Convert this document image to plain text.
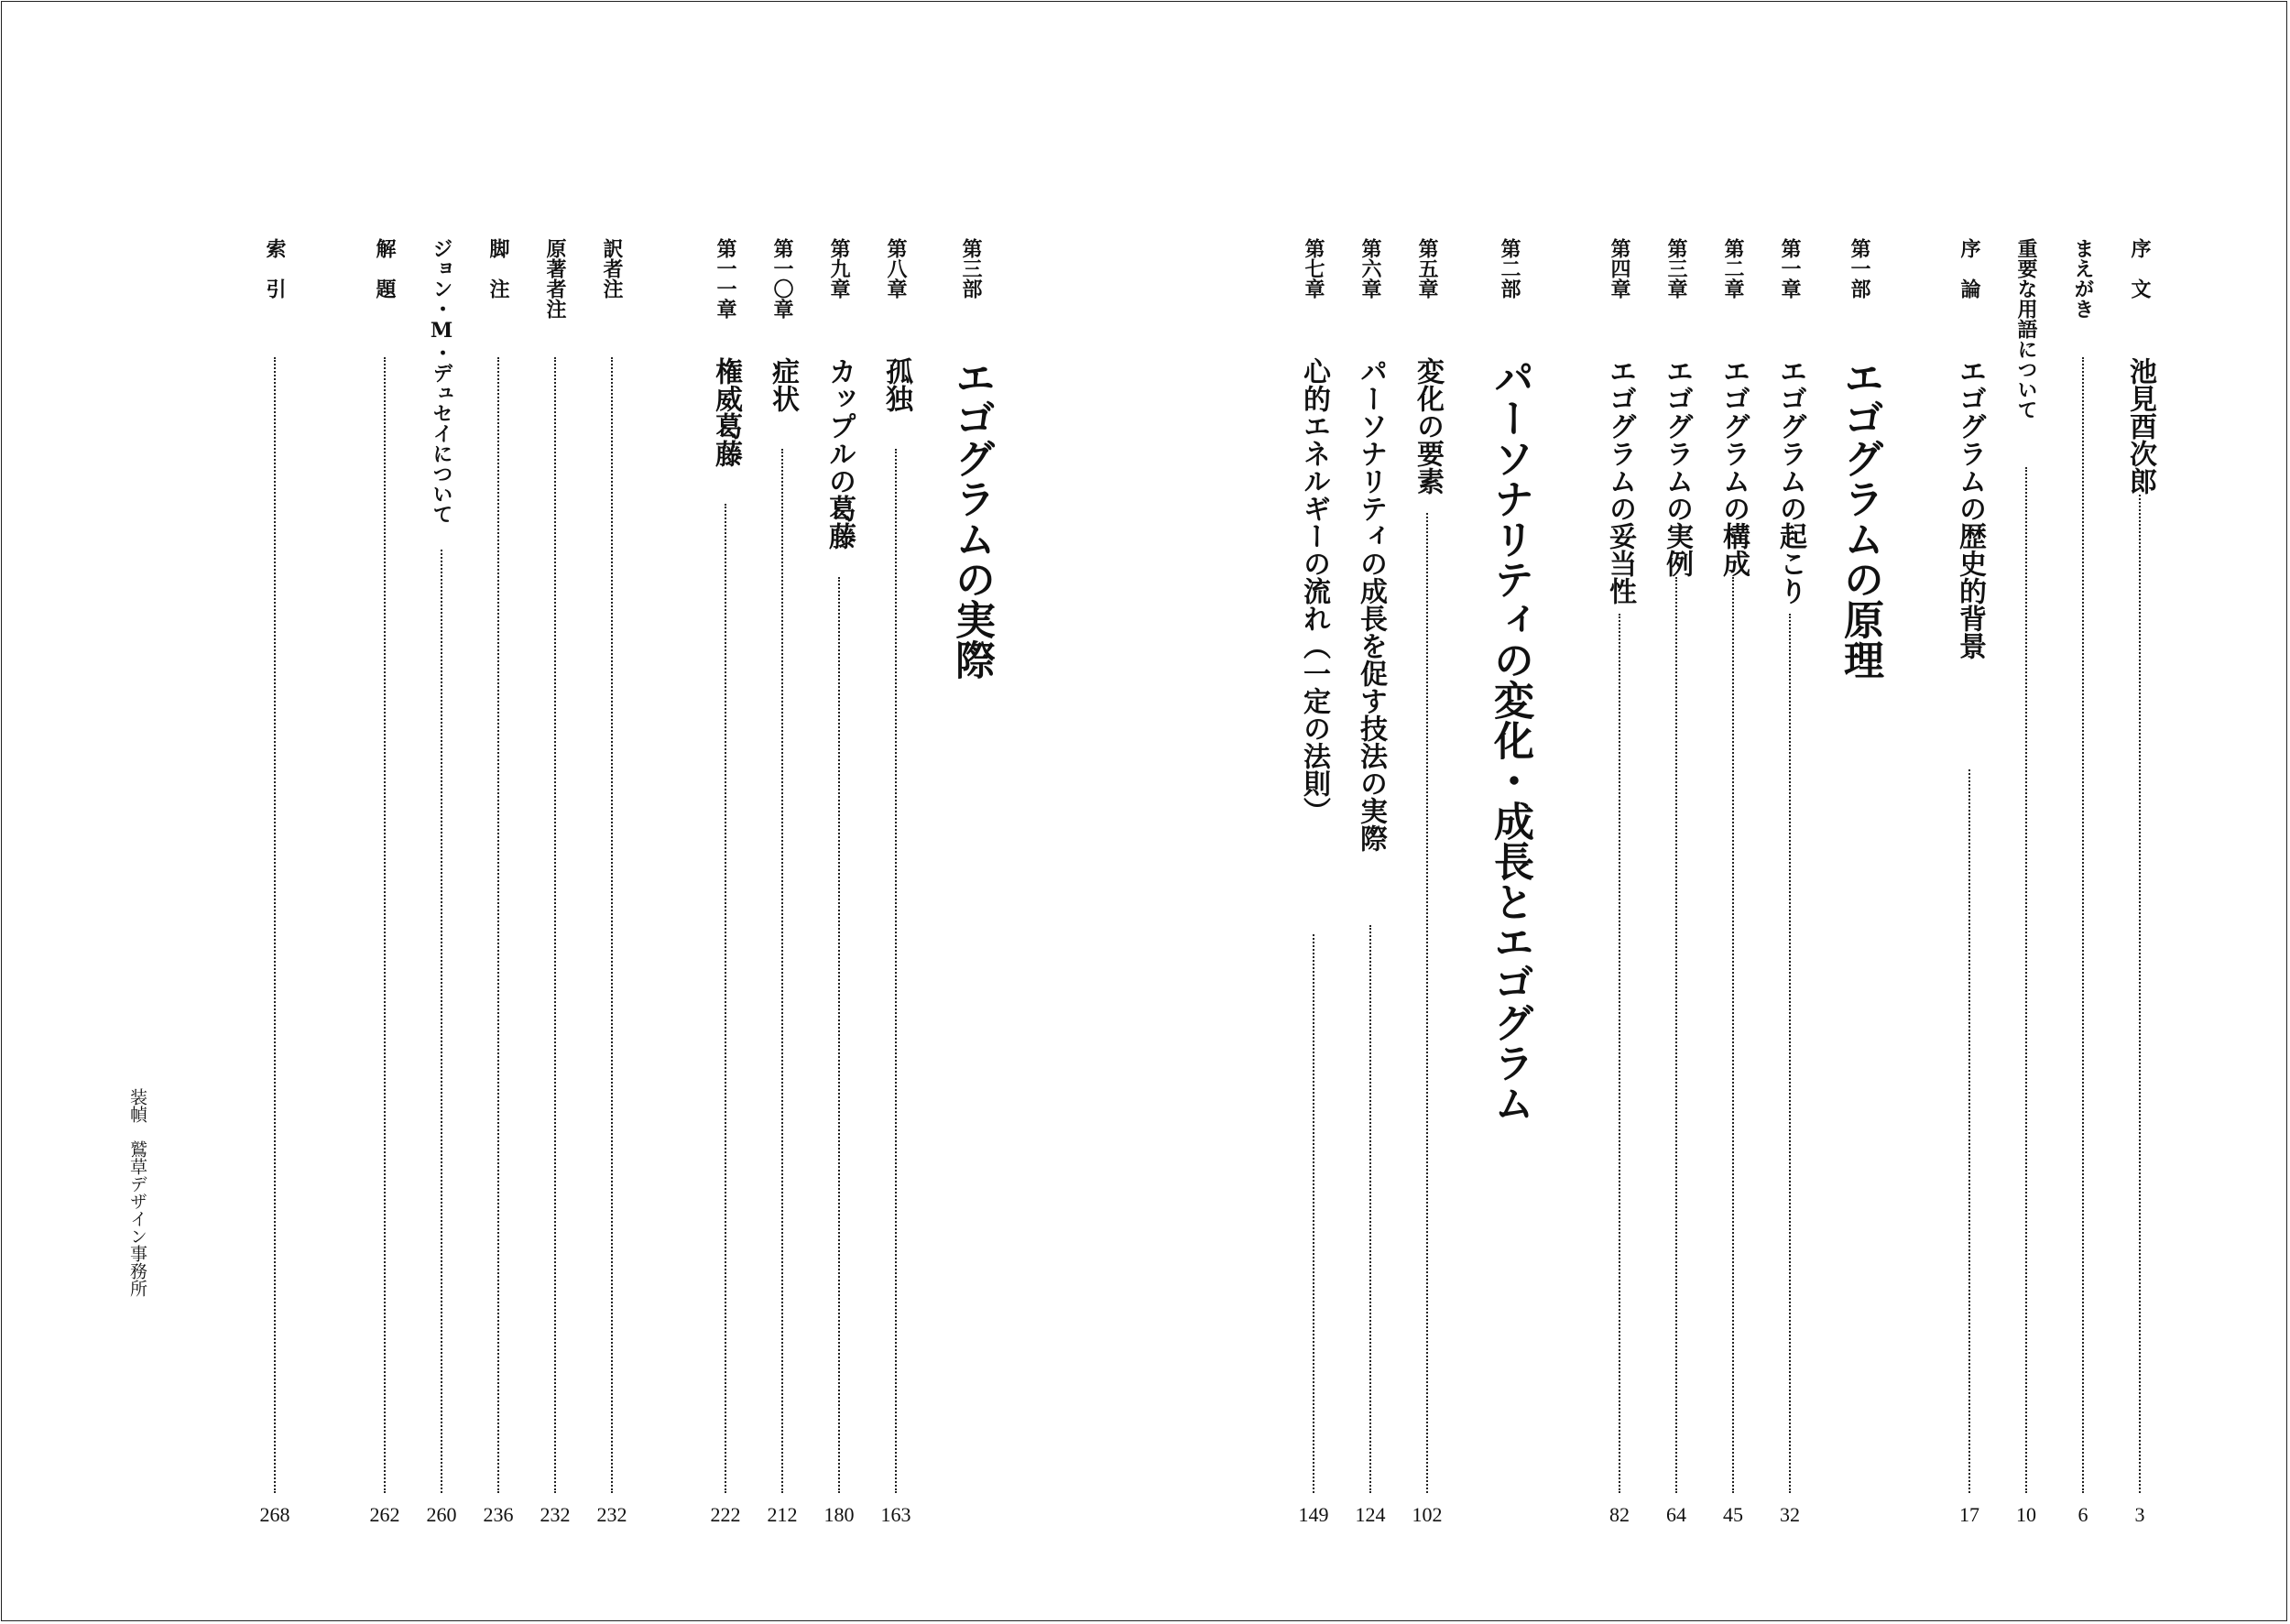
序　文
池見酉次郎
3
まえがき
6
重要な用語について
10
序　論
エゴグラムの歴史的背景
17
第一部
エゴグラムの原理
第一章
エゴグラムの起こり
32
第二章
エゴグラムの構成
45
第三章
エゴグラムの実例
64
第四章
エゴグラムの妥当性
82
第二部
パーソナリティの変化・成長とエゴグラム
第五章
変化の要素
102
第六章
パーソナリティの成長を促す技法の実際
124
第七章
心的エネルギーの流れ（一定の法則）
149
第三部
エゴグラムの実際
第八章
孤独
163
第九章
カップルの葛藤
180
第一〇章
症状
212
第一一章
権威葛藤
222
訳者注
232
原著者注
232
脚　注
236
ジョン・M・デュセイについて
260
解　題
262
索　引
268
装幀　鷲草デザイン事務所
